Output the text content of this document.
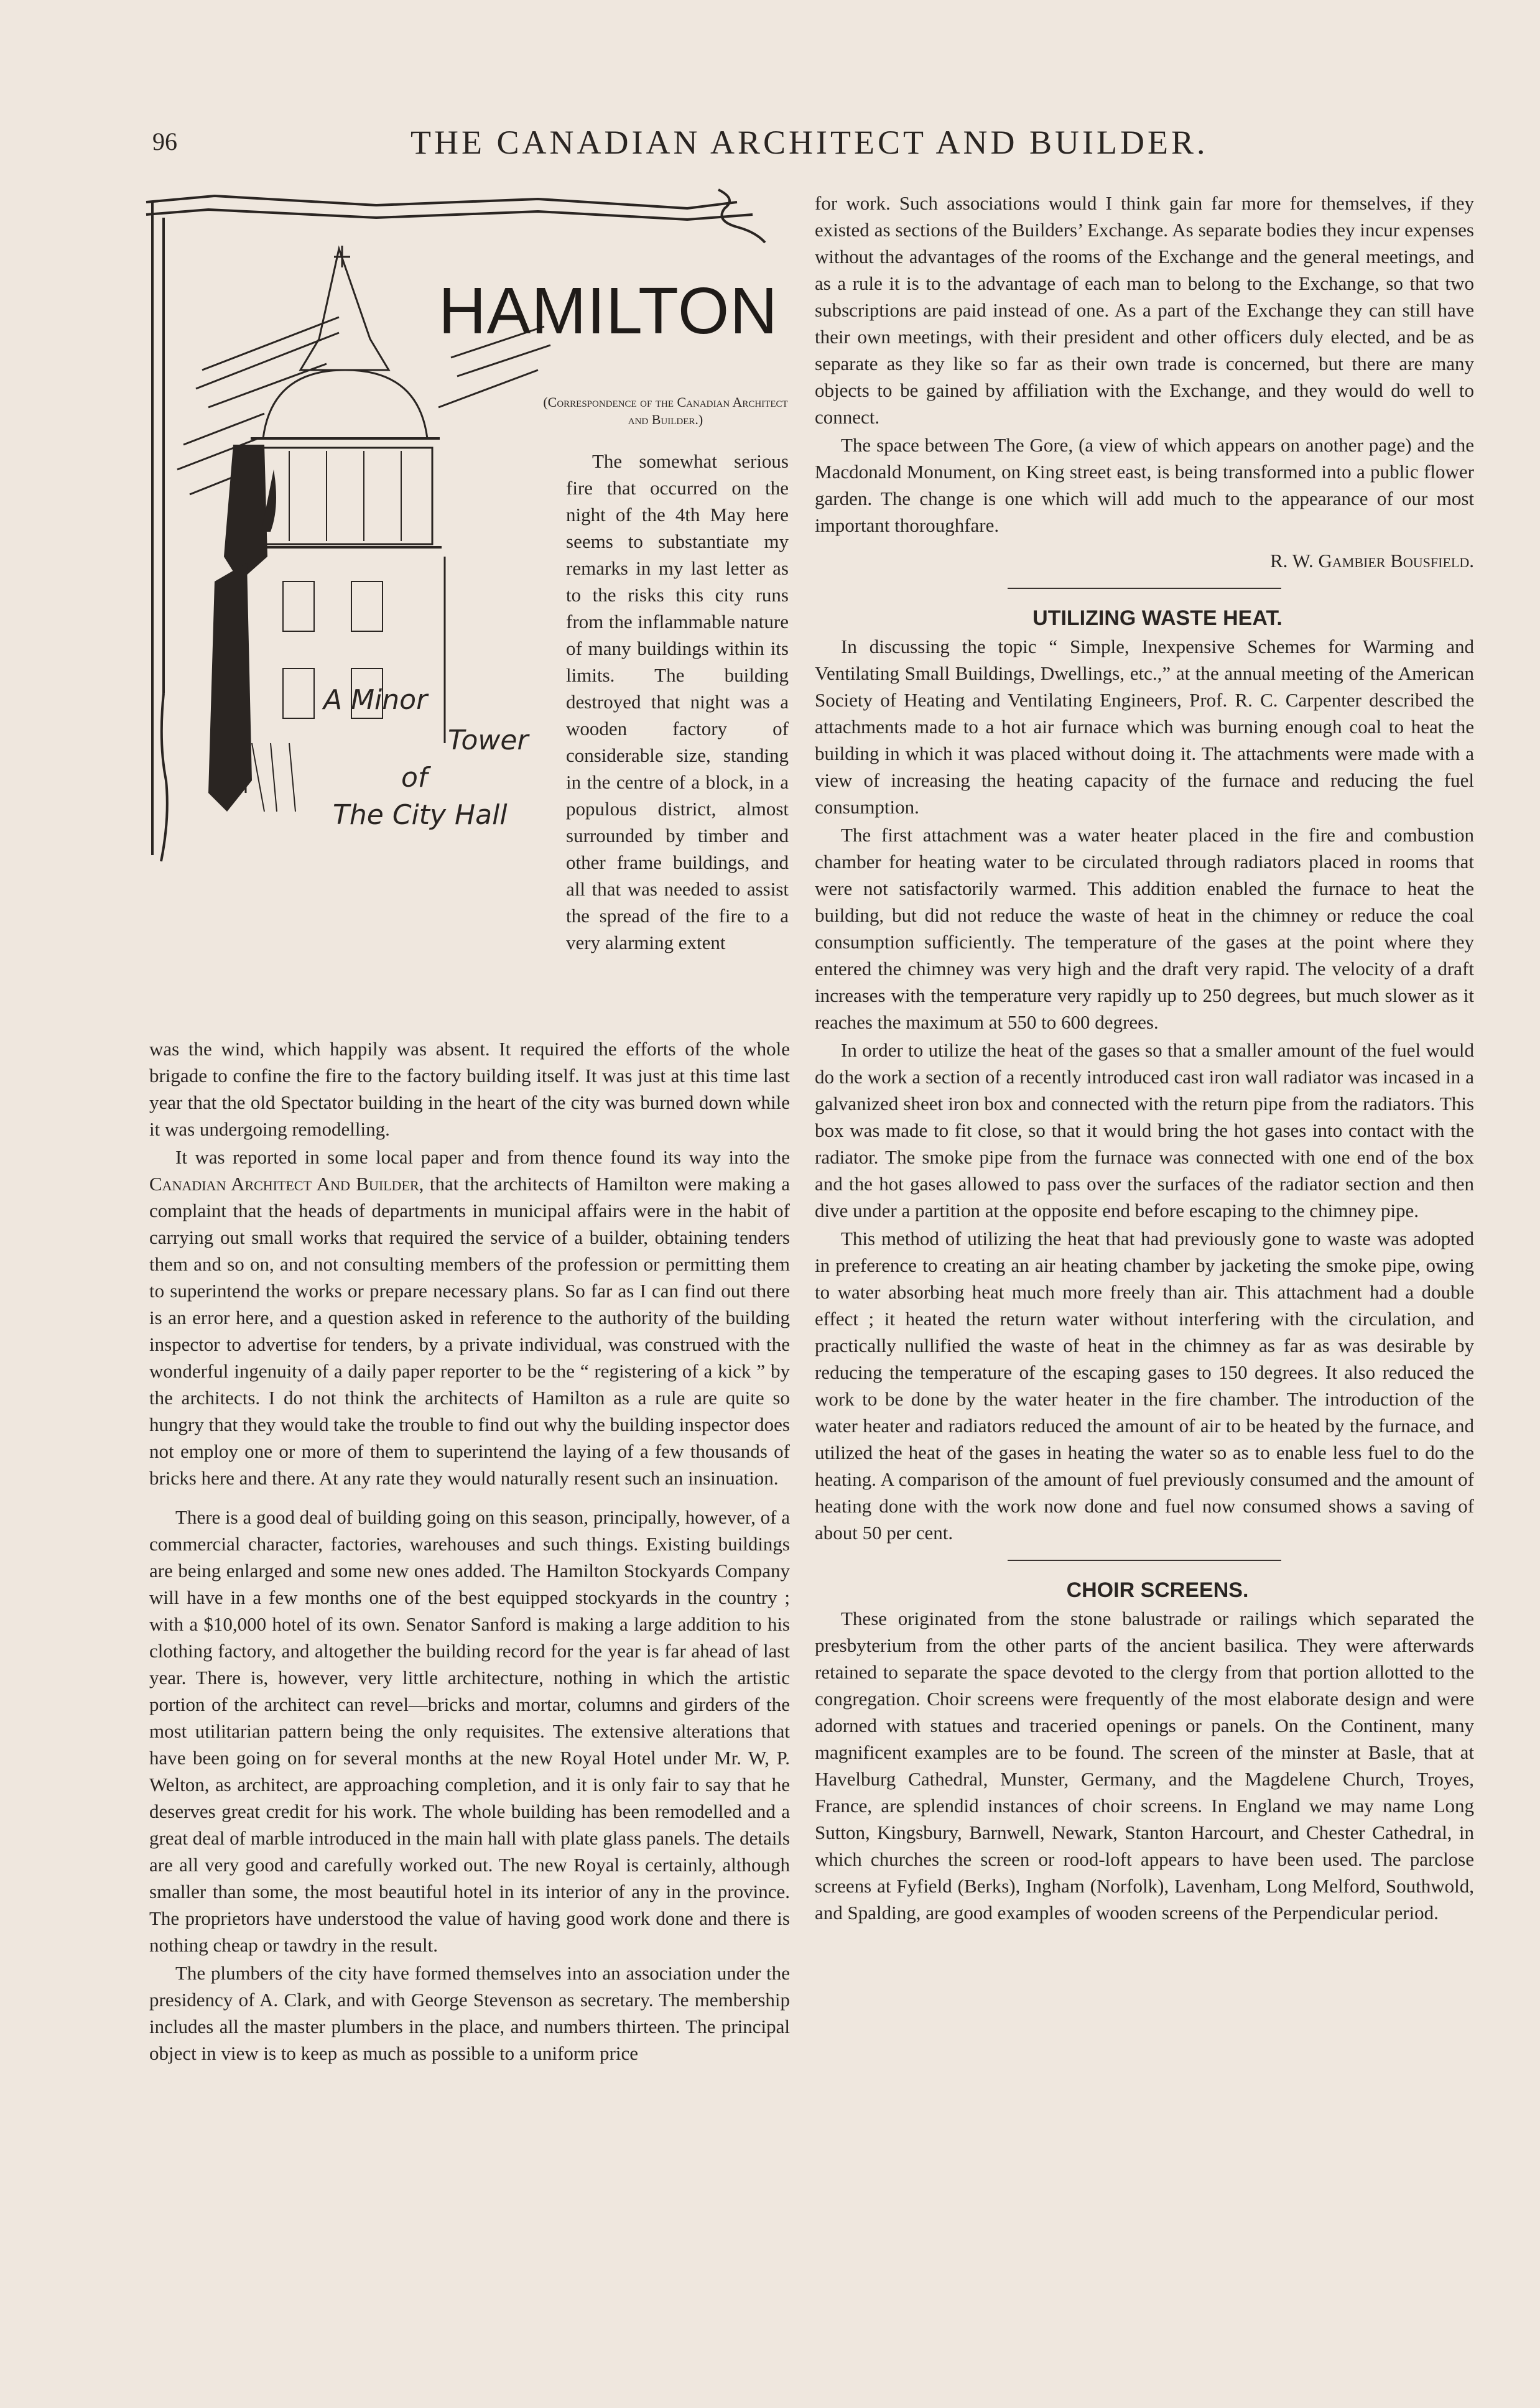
96	THE CANADIAN ARCHITECT AND BUILDER.
HAMILTON
A Minor
Tower
of
The City Hall
(Correspondence of the Canadian Architect and Builder.)

The somewhat serious fire that occurred on the night of the 4th May here seems to substantiate my remarks in my last letter as to the risks this city runs from the inflammable nature of many buildings within its limits. The building destroyed that night was a wooden factory of considerable size, standing in the centre of a block, in a populous district, almost surrounded by timber and other frame buildings, and all that was needed to assist the spread of the fire to a very alarming extent

was the wind, which happily was absent. It required the efforts of the whole brigade to confine the fire to the factory building itself. It was just at this time last year that the old Spectator building in the heart of the city was burned down while it was undergoing remodelling.

It was reported in some local paper and from thence found its way into the Canadian Architect And Builder, that the architects of Hamilton were making a complaint that the heads of departments in municipal affairs were in the habit of carrying out small works that required the service of a builder, obtaining tenders them and so on, and not consulting members of the profession or permitting them to superintend the works or prepare necessary plans. So far as I can find out there is an error here, and a question asked in reference to the authority of the building inspector to advertise for tenders, by a private individual, was construed with the wonderful ingenuity of a daily paper reporter to be the “ registering of a kick ” by the architects. I do not think the architects of Hamilton as a rule are quite so hungry that they would take the trouble to find out why the building inspector does not employ one or more of them to superintend the laying of a few thousands of bricks here and there. At any rate they would naturally resent such an insinuation.

There is a good deal of building going on this season, principally, however, of a commercial character, factories, warehouses and such things. Existing buildings are being enlarged and some new ones added. The Hamilton Stockyards Company will have in a few months one of the best equipped stockyards in the country ; with a $10,000 hotel of its own. Senator Sanford is making a large addition to his clothing factory, and altogether the building record for the year is far ahead of last year. There is, however, very little architecture, nothing in which the artistic portion of the architect can revel—bricks and mortar, columns and girders of the most utilitarian pattern being the only requisites. The extensive alterations that have been going on for several months at the new Royal Hotel under Mr. W, P. Welton, as architect, are approaching completion, and it is only fair to say that he deserves great credit for his work. The whole building has been remodelled and a great deal of marble introduced in the main hall with plate glass panels. The details are all very good and carefully worked out. The new Royal is certainly, although smaller than some, the most beautiful hotel in its interior of any in the province. The proprietors have understood the value of having good work done and there is nothing cheap or tawdry in the result.

The plumbers of the city have formed themselves into an association under the presidency of A. Clark, and with George Stevenson as secretary. The membership includes all the master plumbers in the place, and numbers thirteen. The principal object in view is to keep as much as possible to a uniform price

for work. Such associations would I think gain far more for themselves, if they existed as sections of the Builders’ Exchange. As separate bodies they incur expenses without the advantages of the rooms of the Exchange and the general meetings, and as a rule it is to the advantage of each man to belong to the Exchange, so that two subscriptions are paid instead of one. As a part of the Exchange they can still have their own meetings, with their president and other officers duly elected, and be as separate as they like so far as their own trade is concerned, but there are many objects to be gained by affiliation with the Exchange, and they would do well to connect.

The space between The Gore, (a view of which appears on another page) and the Macdonald Monument, on King street east, is being transformed into a public flower garden. The change is one which will add much to the appearance of our most important thoroughfare.

R. W. Gambier Bousfield.

UTILIZING WASTE HEAT.

In discussing the topic “ Simple, Inexpensive Schemes for Warming and Ventilating Small Buildings, Dwellings, etc.,” at the annual meeting of the American Society of Heating and Ventilating Engineers, Prof. R. C. Carpenter described the attachments made to a hot air furnace which was burning enough coal to heat the building in which it was placed without doing it. The attachments were made with a view of increasing the heating capacity of the furnace and reducing the fuel consumption.

The first attachment was a water heater placed in the fire and combustion chamber for heating water to be circulated through radiators placed in rooms that were not satisfactorily warmed. This addition enabled the furnace to heat the building, but did not reduce the waste of heat in the chimney or reduce the coal consumption sufficiently. The temperature of the gases at the point where they entered the chimney was very high and the draft very rapid. The velocity of a draft increases with the temperature very rapidly up to 250 degrees, but much slower as it reaches the maximum at 550 to 600 degrees.

In order to utilize the heat of the gases so that a smaller amount of the fuel would do the work a section of a recently introduced cast iron wall radiator was incased in a galvanized sheet iron box and connected with the return pipe from the radiators. This box was made to fit close, so that it would bring the hot gases into contact with the radiator. The smoke pipe from the furnace was connected with one end of the box and the hot gases allowed to pass over the surfaces of the radiator section and then dive under a partition at the opposite end before escaping to the chimney pipe.

This method of utilizing the heat that had previously gone to waste was adopted in preference to creating an air heating chamber by jacketing the smoke pipe, owing to water absorbing heat much more freely than air. This attachment had a double effect ; it heated the return water without interfering with the circulation, and practically nullified the waste of heat in the chimney as far as was desirable by reducing the temperature of the escaping gases to 150 degrees. It also reduced the work to be done by the water heater in the fire chamber. The introduction of the water heater and radiators reduced the amount of air to be heated by the furnace, and utilized the heat of the gases in heating the water so as to enable less fuel to do the heating. A comparison of the amount of fuel previously consumed and the amount of heating done with the work now done and fuel now consumed shows a saving of about 50 per cent.

CHOIR SCREENS.

These originated from the stone balustrade or railings which separated the presbyterium from the other parts of the ancient basilica. They were afterwards retained to separate the space devoted to the clergy from that portion allotted to the congregation. Choir screens were frequently of the most elaborate design and were adorned with statues and traceried openings or panels. On the Continent, many magnificent examples are to be found. The screen of the minster at Basle, that at Havelburg Cathedral, Munster, Germany, and the Magdelene Church, Troyes, France, are splendid instances of choir screens. In England we may name Long Sutton, Kingsbury, Barnwell, Newark, Stanton Harcourt, and Chester Cathedral, in which churches the screen or rood-loft appears to have been used. The parclose screens at Fyfield (Berks), Ingham (Norfolk), Lavenham, Long Melford, Southwold, and Spalding, are good examples of wooden screens of the Perpendicular period.
